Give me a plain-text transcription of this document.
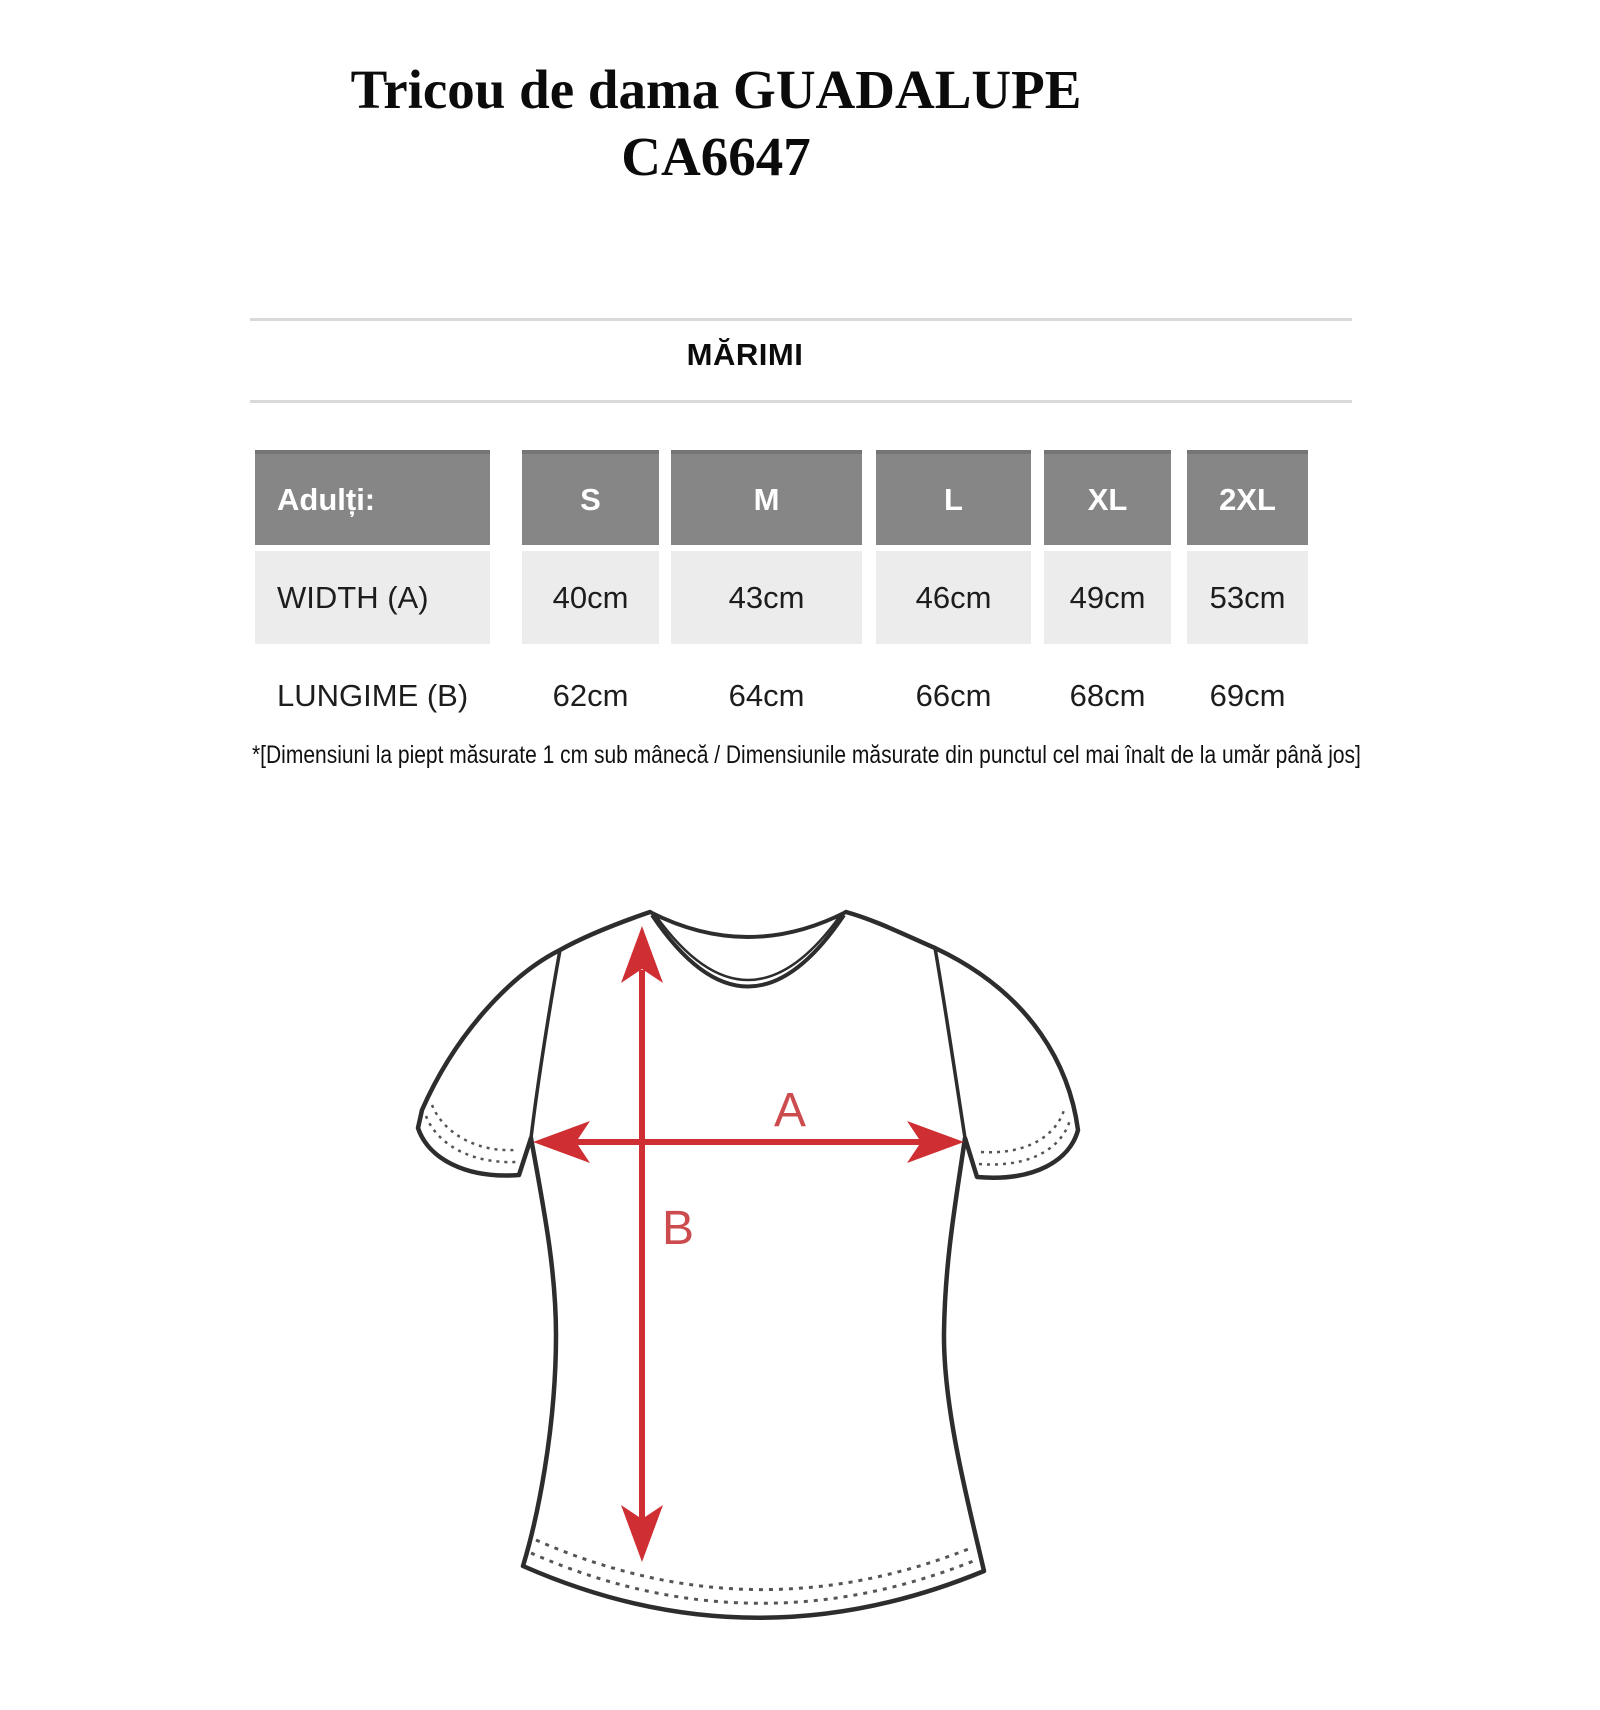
Tricou de dama GUADALUPE
CA6647
MĂRIMI
Adulți:	S	M	L	XL	2XL
WIDTH (A)	40cm	43cm	46cm	49cm	53cm
LUNGIME (B)	62cm	64cm	66cm	68cm	69cm
*[Dimensiuni la piept măsurate 1 cm sub mânecă / Dimensiunile măsurate din punctul cel mai înalt de la umăr până jos]
A
B
